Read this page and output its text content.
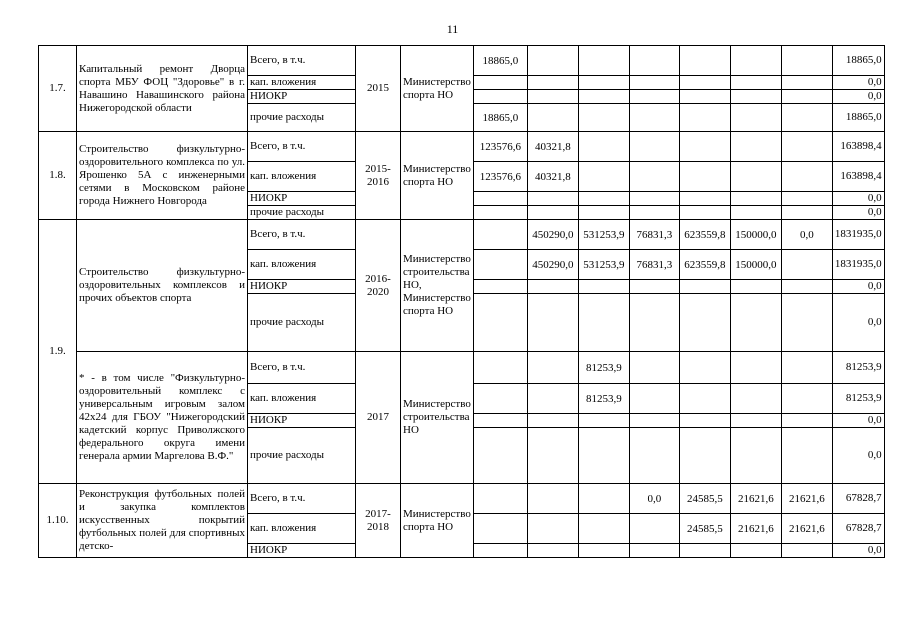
11
1.7.	Капитальный ремонт Дворца спорта МБУ ФОЦ "Здоровье" в г. Навашино Навашинского района Нижегородской области	Всего, в т.ч.	2015	Министерство спорта НО	18865,0							18865,0
		кап. вложения										0,0
		НИОКР										0,0
		прочие расходы			18865,0							18865,0
1.8.	Строительство физкультурно-оздоровительного комплекса по ул. Ярошенко 5А с инженерными сетями в Московском районе города Нижнего Новгорода	Всего, в т.ч.	2015-2016	Министерство спорта НО	123576,6	40321,8						163898,4
		кап. вложения			123576,6	40321,8						163898,4
		НИОКР										0,0
		прочие расходы										0,0
1.9.	Строительство физкультурно-оздоровительных комплексов и прочих объектов спорта	Всего, в т.ч.	2016-2020	Министерство строительства НО, Министерство спорта НО		450290,0	531253,9	76831,3	623559,8	150000,0	0,0	1831935,0
		кап. вложения				450290,0	531253,9	76831,3	623559,8	150000,0		1831935,0
		НИОКР										0,0
		прочие расходы										0,0
	* - в том числе "Физкультурно-оздоровительный комплекс с универсальным игровым залом 42х24 для ГБОУ "Нижегородский кадетский корпус Приволжского федерального округа имени генерала армии Маргелова В.Ф."	Всего, в т.ч.	2017	Министерство строительства НО			81253,9					81253,9
		кап. вложения					81253,9					81253,9
		НИОКР										0,0
		прочие расходы										0,0
1.10.	Реконструкция футбольных полей и закупка комплектов искусственных покрытий футбольных полей для спортивных детско-	Всего, в т.ч.	2017-2018	Министерство спорта НО				0,0	24585,5	21621,6	21621,6	67828,7
		кап. вложения							24585,5	21621,6	21621,6	67828,7
		НИОКР										0,0
